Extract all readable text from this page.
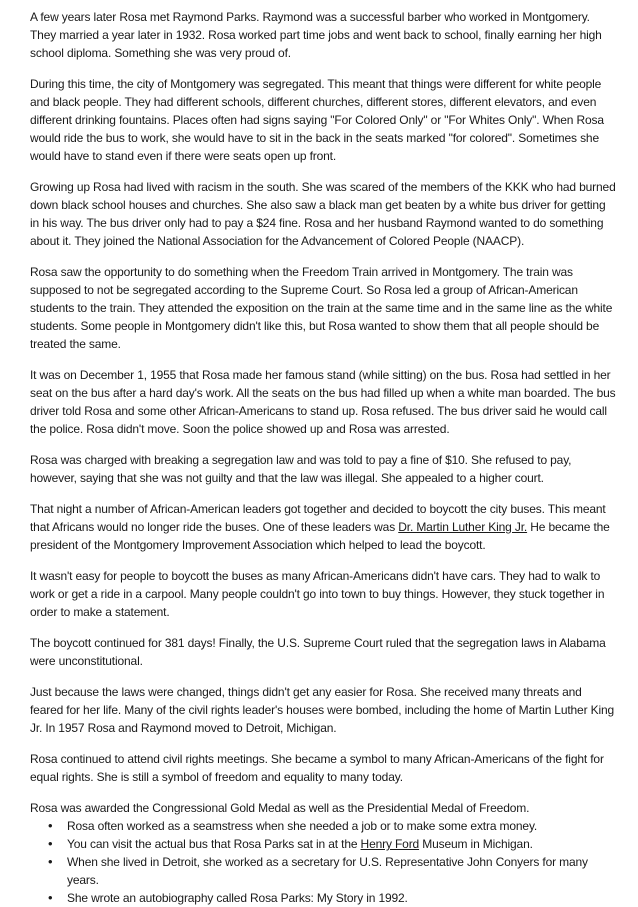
A few years later Rosa met Raymond Parks. Raymond was a successful barber who worked in Montgomery. They married a year later in 1932. Rosa worked part time jobs and went back to school, finally earning her high school diploma. Something she was very proud of.

During this time, the city of Montgomery was segregated. This meant that things were different for white people and black people. They had different schools, different churches, different stores, different elevators, and even different drinking fountains. Places often had signs saying "For Colored Only" or "For Whites Only". When Rosa would ride the bus to work, she would have to sit in the back in the seats marked "for colored". Sometimes she would have to stand even if there were seats open up front.

Growing up Rosa had lived with racism in the south. She was scared of the members of the KKK who had burned down black school houses and churches. She also saw a black man get beaten by a white bus driver for getting in his way. The bus driver only had to pay a $24 fine. Rosa and her husband Raymond wanted to do something about it. They joined the National Association for the Advancement of Colored People (NAACP).

Rosa saw the opportunity to do something when the Freedom Train arrived in Montgomery. The train was supposed to not be segregated according to the Supreme Court. So Rosa led a group of African-American students to the train. They attended the exposition on the train at the same time and in the same line as the white students. Some people in Montgomery didn't like this, but Rosa wanted to show them that all people should be treated the same.

It was on December 1, 1955 that Rosa made her famous stand (while sitting) on the bus. Rosa had settled in her seat on the bus after a hard day's work. All the seats on the bus had filled up when a white man boarded. The bus driver told Rosa and some other African-Americans to stand up. Rosa refused. The bus driver said he would call the police. Rosa didn't move. Soon the police showed up and Rosa was arrested.

Rosa was charged with breaking a segregation law and was told to pay a fine of $10. She refused to pay, however, saying that she was not guilty and that the law was illegal. She appealed to a higher court.

That night a number of African-American leaders got together and decided to boycott the city buses. This meant that Africans would no longer ride the buses. One of these leaders was Dr. Martin Luther King Jr. He became the president of the Montgomery Improvement Association which helped to lead the boycott.

It wasn't easy for people to boycott the buses as many African-Americans didn't have cars. They had to walk to work or get a ride in a carpool. Many people couldn't go into town to buy things. However, they stuck together in order to make a statement.

The boycott continued for 381 days! Finally, the U.S. Supreme Court ruled that the segregation laws in Alabama were unconstitutional.

Just because the laws were changed, things didn't get any easier for Rosa. She received many threats and feared for her life. Many of the civil rights leader's houses were bombed, including the home of Martin Luther King Jr. In 1957 Rosa and Raymond moved to Detroit, Michigan.

Rosa continued to attend civil rights meetings. She became a symbol to many African-Americans of the fight for equal rights. She is still a symbol of freedom and equality to many today.

Rosa was awarded the Congressional Gold Medal as well as the Presidential Medal of Freedom.

• Rosa often worked as a seamstress when she needed a job or to make some extra money.
• You can visit the actual bus that Rosa Parks sat in at the Henry Ford Museum in Michigan.
• When she lived in Detroit, she worked as a secretary for U.S. Representative John Conyers for many years.
• She wrote an autobiography called Rosa Parks: My Story in 1992.
